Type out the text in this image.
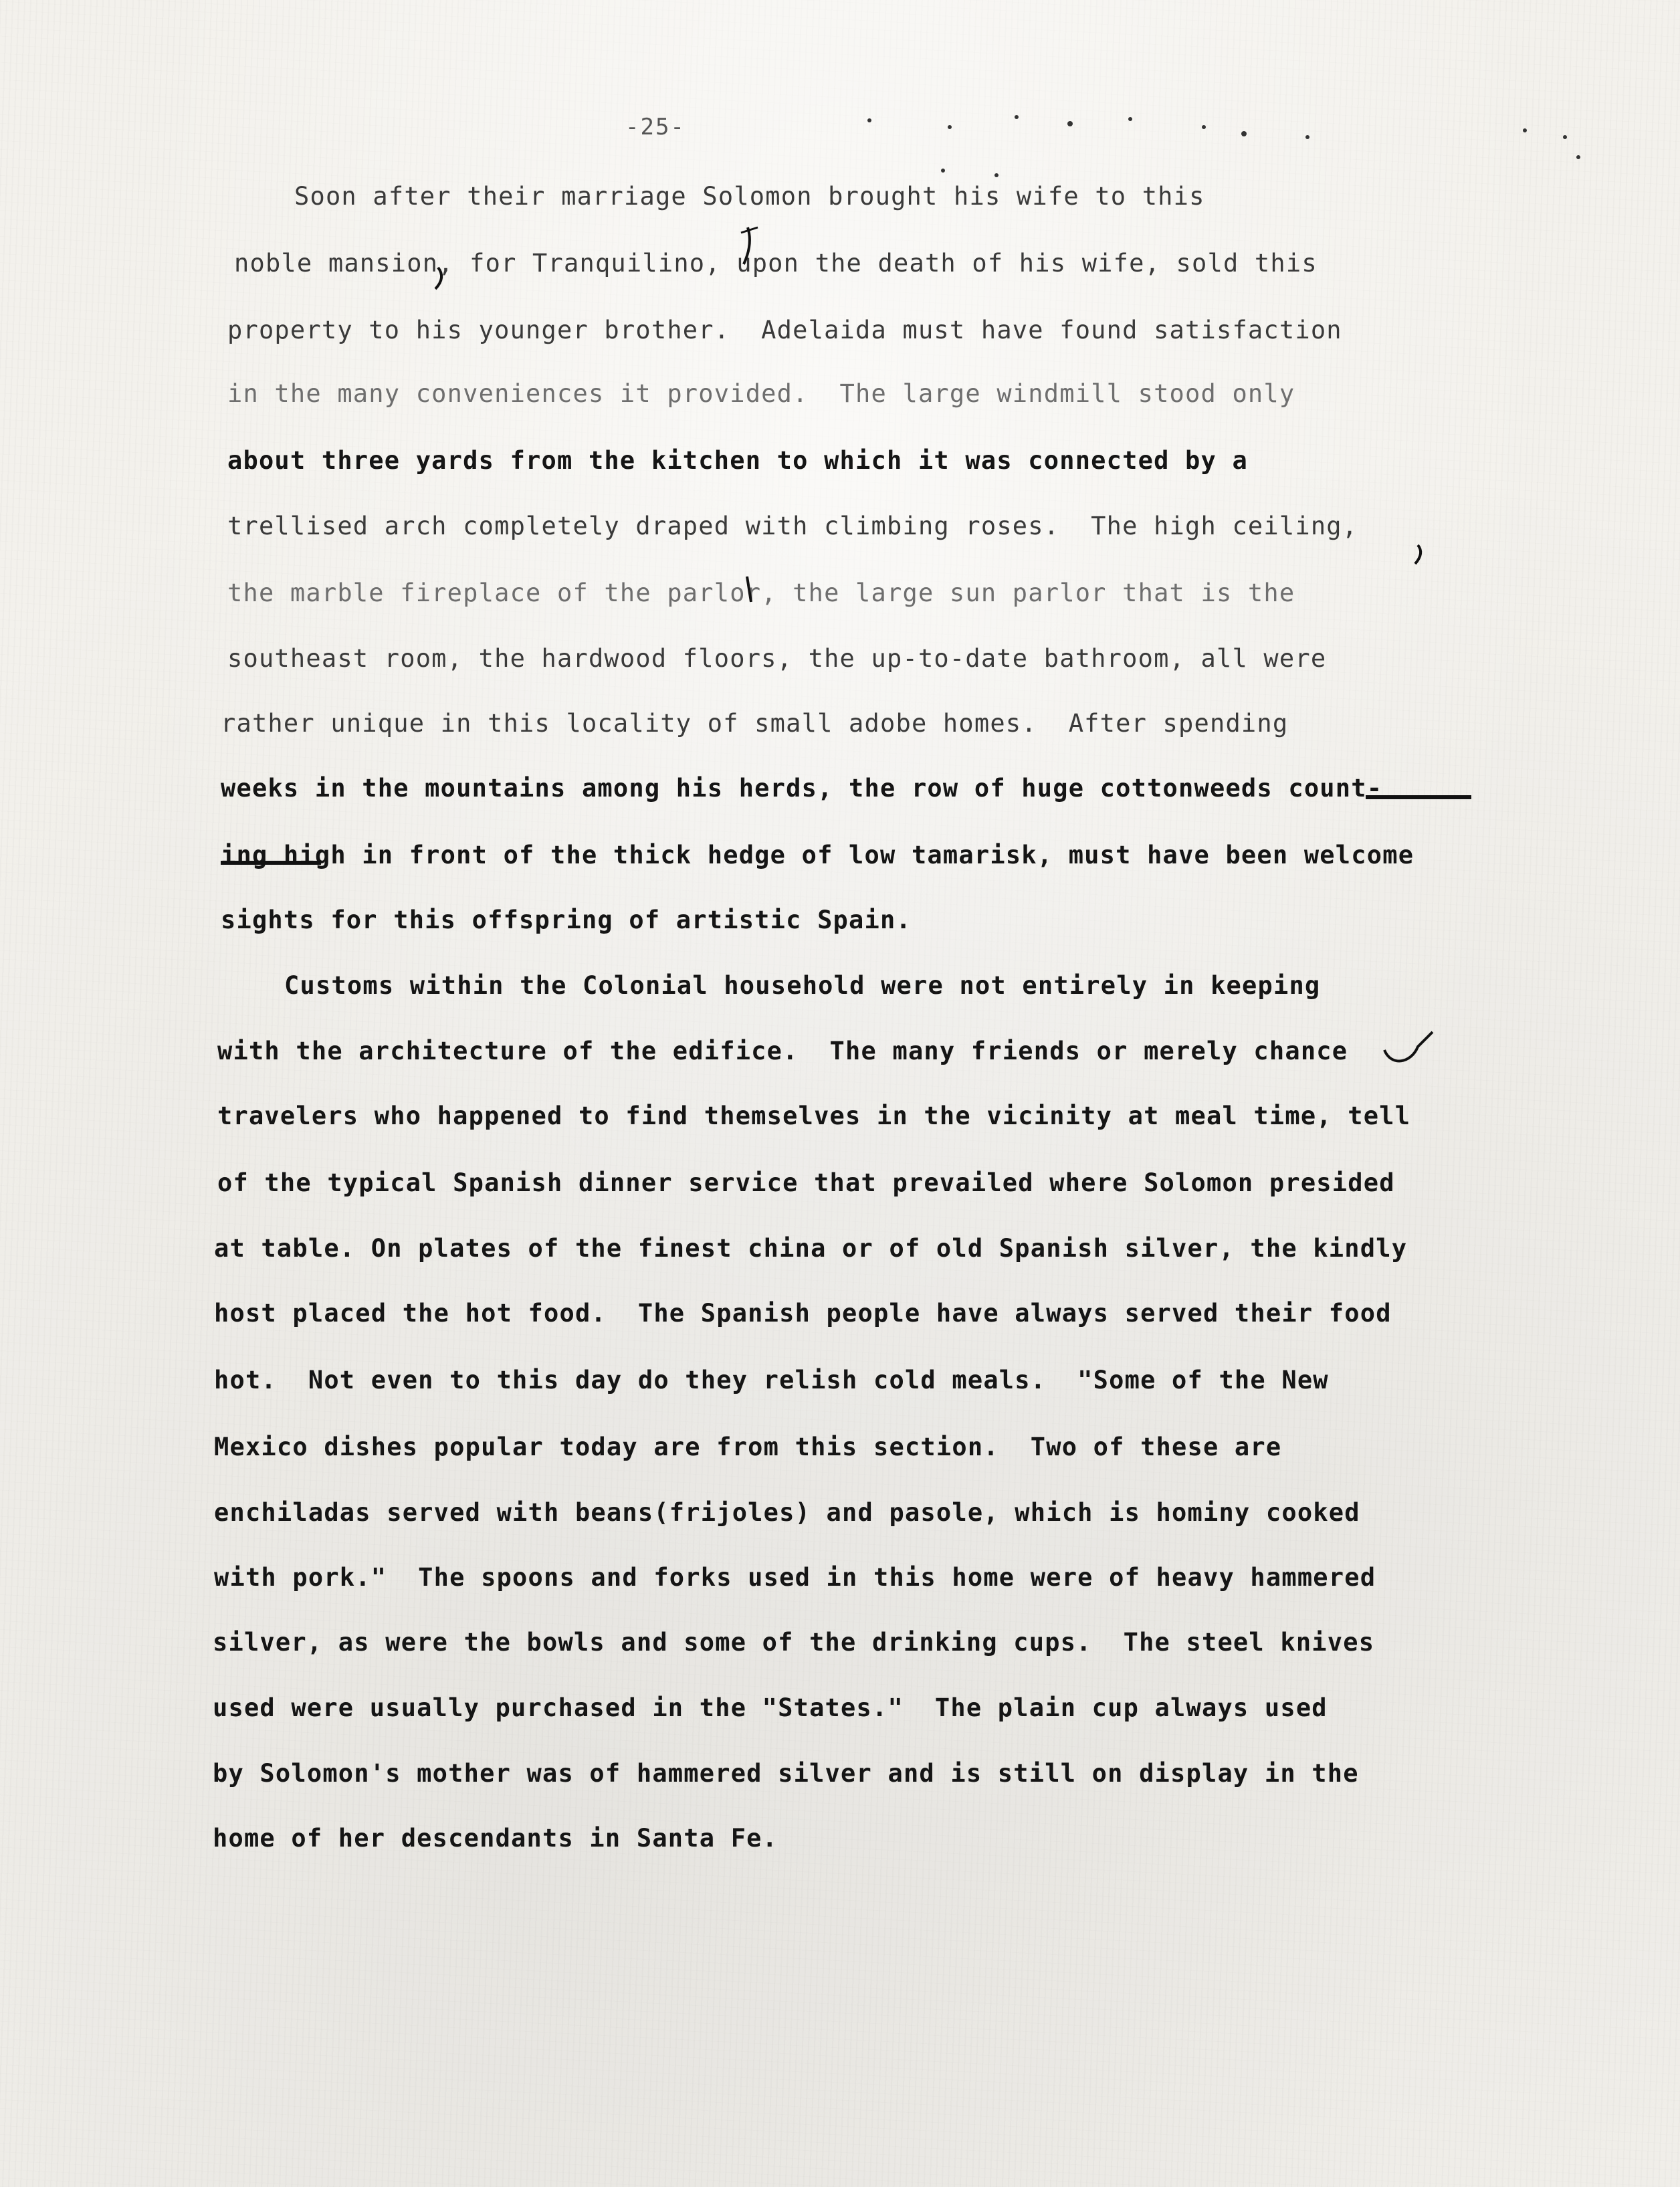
-25-
Soon after their marriage Solomon brought his wife to this
noble mansion, for Tranquilino, upon the death of his wife, sold this
property to his younger brother.  Adelaida must have found satisfaction
in the many conveniences it provided.  The large windmill stood only
about three yards from the kitchen to which it was connected by a
trellised arch completely draped with climbing roses.  The high ceiling,
the marble fireplace of the parlor, the large sun parlor that is the
southeast room, the hardwood floors, the up-to-date bathroom, all were
rather unique in this locality of small adobe homes.  After spending
weeks in the mountains among his herds, the row of huge cottonweeds count-
ing high in front of the thick hedge of low tamarisk, must have been welcome
sights for this offspring of artistic Spain.
Customs within the Colonial household were not entirely in keeping
with the architecture of the edifice.  The many friends or merely chance
travelers who happened to find themselves in the vicinity at meal time, tell
of the typical Spanish dinner service that prevailed where Solomon presided
at table. On plates of the finest china or of old Spanish silver, the kindly
host placed the hot food.  The Spanish people have always served their food
hot.  Not even to this day do they relish cold meals.  "Some of the New
Mexico dishes popular today are from this section.  Two of these are
enchiladas served with beans(frijoles) and pasole, which is hominy cooked
with pork."  The spoons and forks used in this home were of heavy hammered
silver, as were the bowls and some of the drinking cups.  The steel knives
used were usually purchased in the "States."  The plain cup always used
by Solomon's mother was of hammered silver and is still on display in the
home of her descendants in Santa Fe.
